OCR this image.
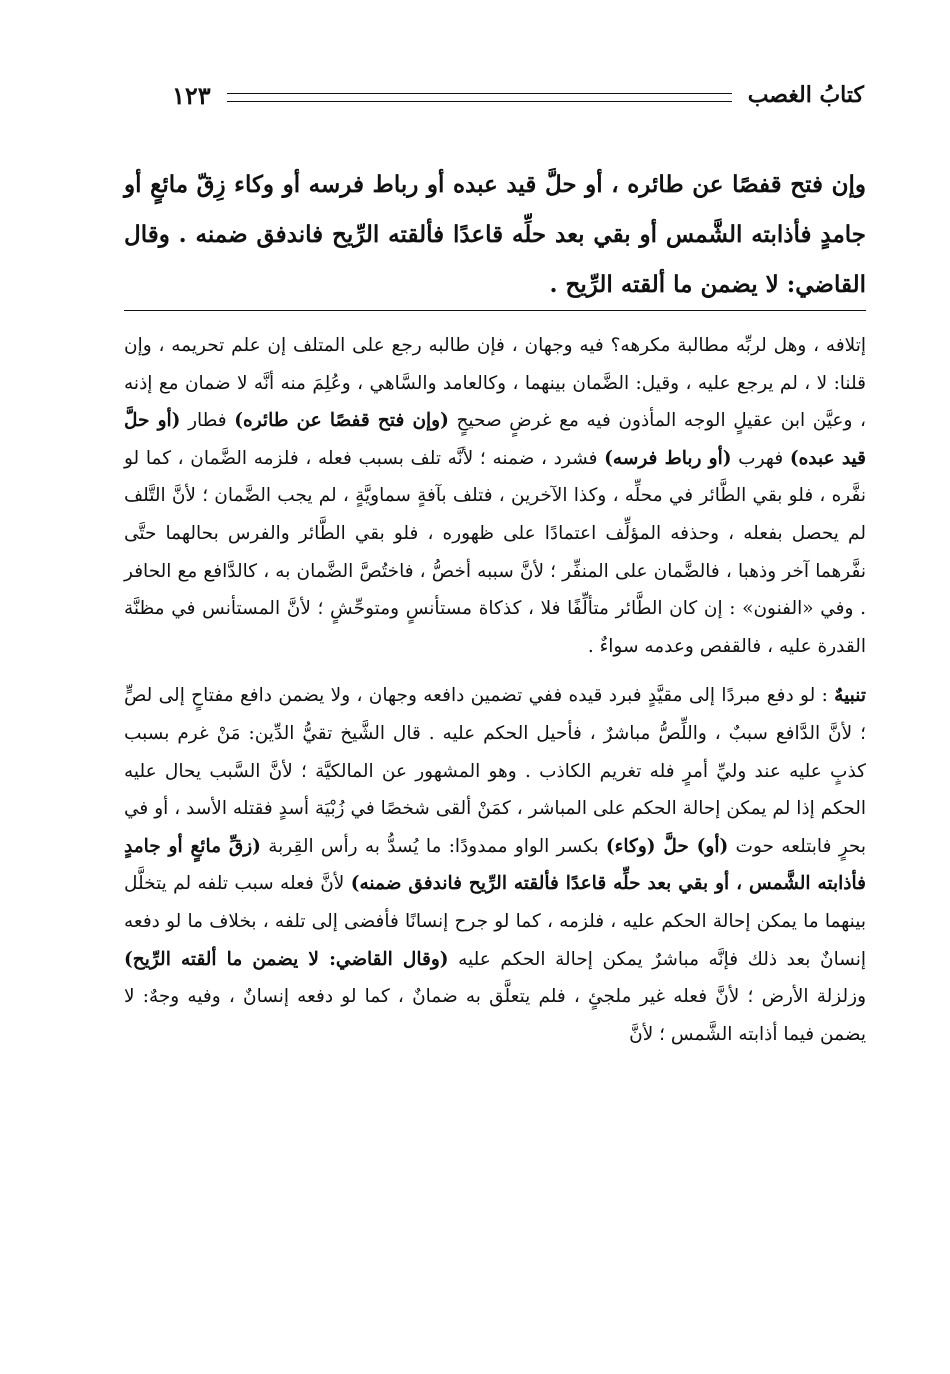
١٢٣	كتابُ الغصب
وإن فتح قفصًا عن طائره ، أو حلَّ قيد عبده أو رباط فرسه أو وكاء زِقّ مائعٍ أو جامدٍ فأذابته الشَّمس أو بقي بعد حلِّه قاعدًا فألقته الرِّيح فاندفق ضمنه . وقال القاضي: لا يضمن ما ألقته الرِّيح .

إتلافه ، وهل لربِّه مطالبة مكرهه؟ فيه وجهان ، فإن طالبه رجع على المتلف إن علم تحريمه ، وإن قلنا: لا ، لم يرجع عليه ، وقيل: الضَّمان بينهما ، وكالعامد والسَّاهي ، وعُلِمَ منه أنَّه لا ضمان مع إذنه ، وعيَّن ابن عقيلٍ الوجه المأذون فيه مع غرضٍ صحيحٍ (وإن فتح قفصًا عن طائره) فطار (أو حلَّ قيد عبده) فهرب (أو رباط فرسه) فشرد ، ضمنه ؛ لأنَّه تلف بسبب فعله ، فلزمه الضَّمان ، كما لو نفَّره ، فلو بقي الطَّائر في محلِّه ، وكذا الآخرين ، فتلف بآفةٍ سماويَّةٍ ، لم يجب الضَّمان ؛ لأنَّ التَّلف لم يحصل بفعله ، وحذفه المؤلِّف اعتمادًا على ظهوره ، فلو بقي الطَّائر والفرس بحالهما حتَّى نفَّرهما آخر وذهبا ، فالضَّمان على المنفِّر ؛ لأنَّ سببه أخصُّ ، فاختُصَّ الضَّمان به ، كالدَّافع مع الحافر . وفي «الفنون» : إن كان الطَّائر متألِّفًا فلا ، كذكاة مستأنسٍ ومتوحِّشٍ ؛ لأنَّ المستأنس في مظنَّة القدرة عليه ، فالقفص وعدمه سواءٌ .

تنبيهٌ : لو دفع مبردًا إلى مقيَّدٍ فبرد قيده ففي تضمين دافعه وجهان ، ولا يضمن دافع مفتاحٍ إلى لصٍّ ؛ لأنَّ الدَّافع سببٌ ، واللِّصُّ مباشرٌ ، فأحيل الحكم عليه . قال الشَّيخ تقيُّ الدِّين: مَنْ غرم بسبب كذبٍ عليه عند وليِّ أمرٍ فله تغريم الكاذب . وهو المشهور عن المالكيَّة ؛ لأنَّ السَّبب يحال عليه الحكم إذا لم يمكن إحالة الحكم على المباشر ، كمَنْ ألقى شخصًا في زُبْيَة أسدٍ فقتله الأسد ، أو في بحرٍ فابتلعه حوت (أو) حلَّ (وكاء) بكسر الواو ممدودًا: ما يُسدُّ به رأس القِربة (زقِّ مائعٍ أو جامدٍ فأذابته الشَّمس ، أو بقي بعد حلِّه قاعدًا فألقته الرِّيح فاندفق ضمنه) لأنَّ فعله سبب تلفه لم يتخلَّل بينهما ما يمكن إحالة الحكم عليه ، فلزمه ، كما لو جرح إنسانًا فأفضى إلى تلفه ، بخلاف ما لو دفعه إنسانٌ بعد ذلك فإنَّه مباشرٌ يمكن إحالة الحكم عليه (وقال القاضي: لا يضمن ما ألقته الرِّيح) وزلزلة الأرض ؛ لأنَّ فعله غير ملجئٍ ، فلم يتعلَّق به ضمانٌ ، كما لو دفعه إنسانٌ ، وفيه وجهٌ: لا يضمن فيما أذابته الشَّمس ؛ لأنَّ
